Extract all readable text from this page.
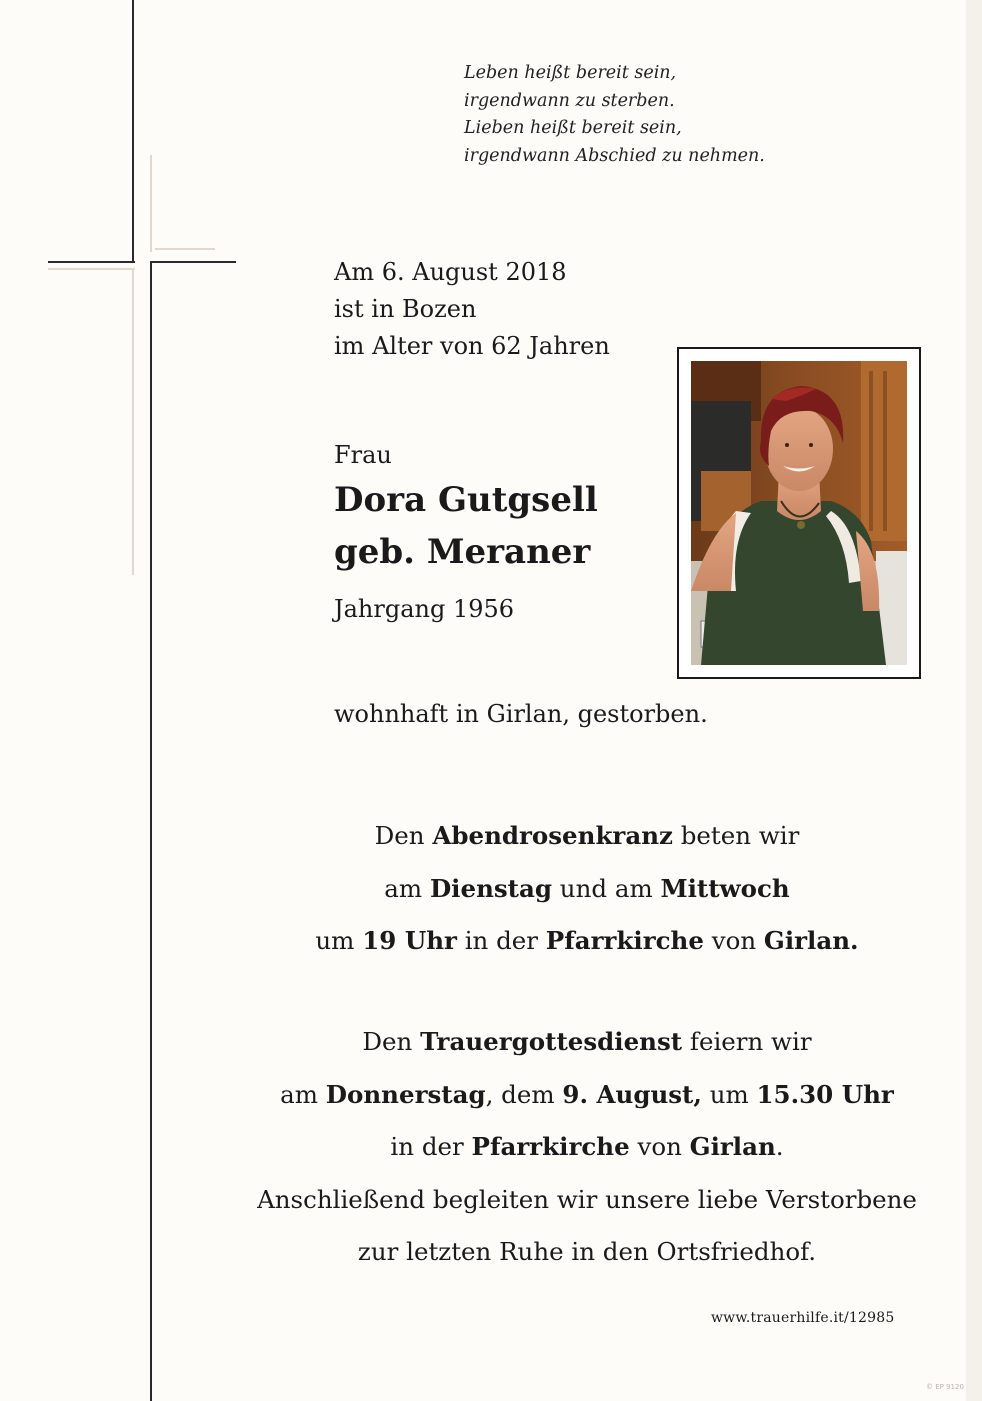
Leben heißt bereit sein,
irgendwann zu sterben.
Lieben heißt bereit sein,
irgendwann Abschied zu nehmen.
Am 6. August 2018
ist in Bozen
im Alter von 62 Jahren
Frau
Dora Gutgsell
geb. Meraner
Jahrgang 1956
wohnhaft in Girlan, gestorben.
Den Abendrosenkranz beten wir
am Dienstag und am Mittwoch
um 19 Uhr in der Pfarrkirche von Girlan.
Den Trauergottesdienst feiern wir
am Donnerstag, dem 9. August, um 15.30 Uhr
in der Pfarrkirche von Girlan.
Anschließend begleiten wir unsere liebe Verstorbene
zur letzten Ruhe in den Ortsfriedhof.
www.trauerhilfe.it/12985
© EP 9120
